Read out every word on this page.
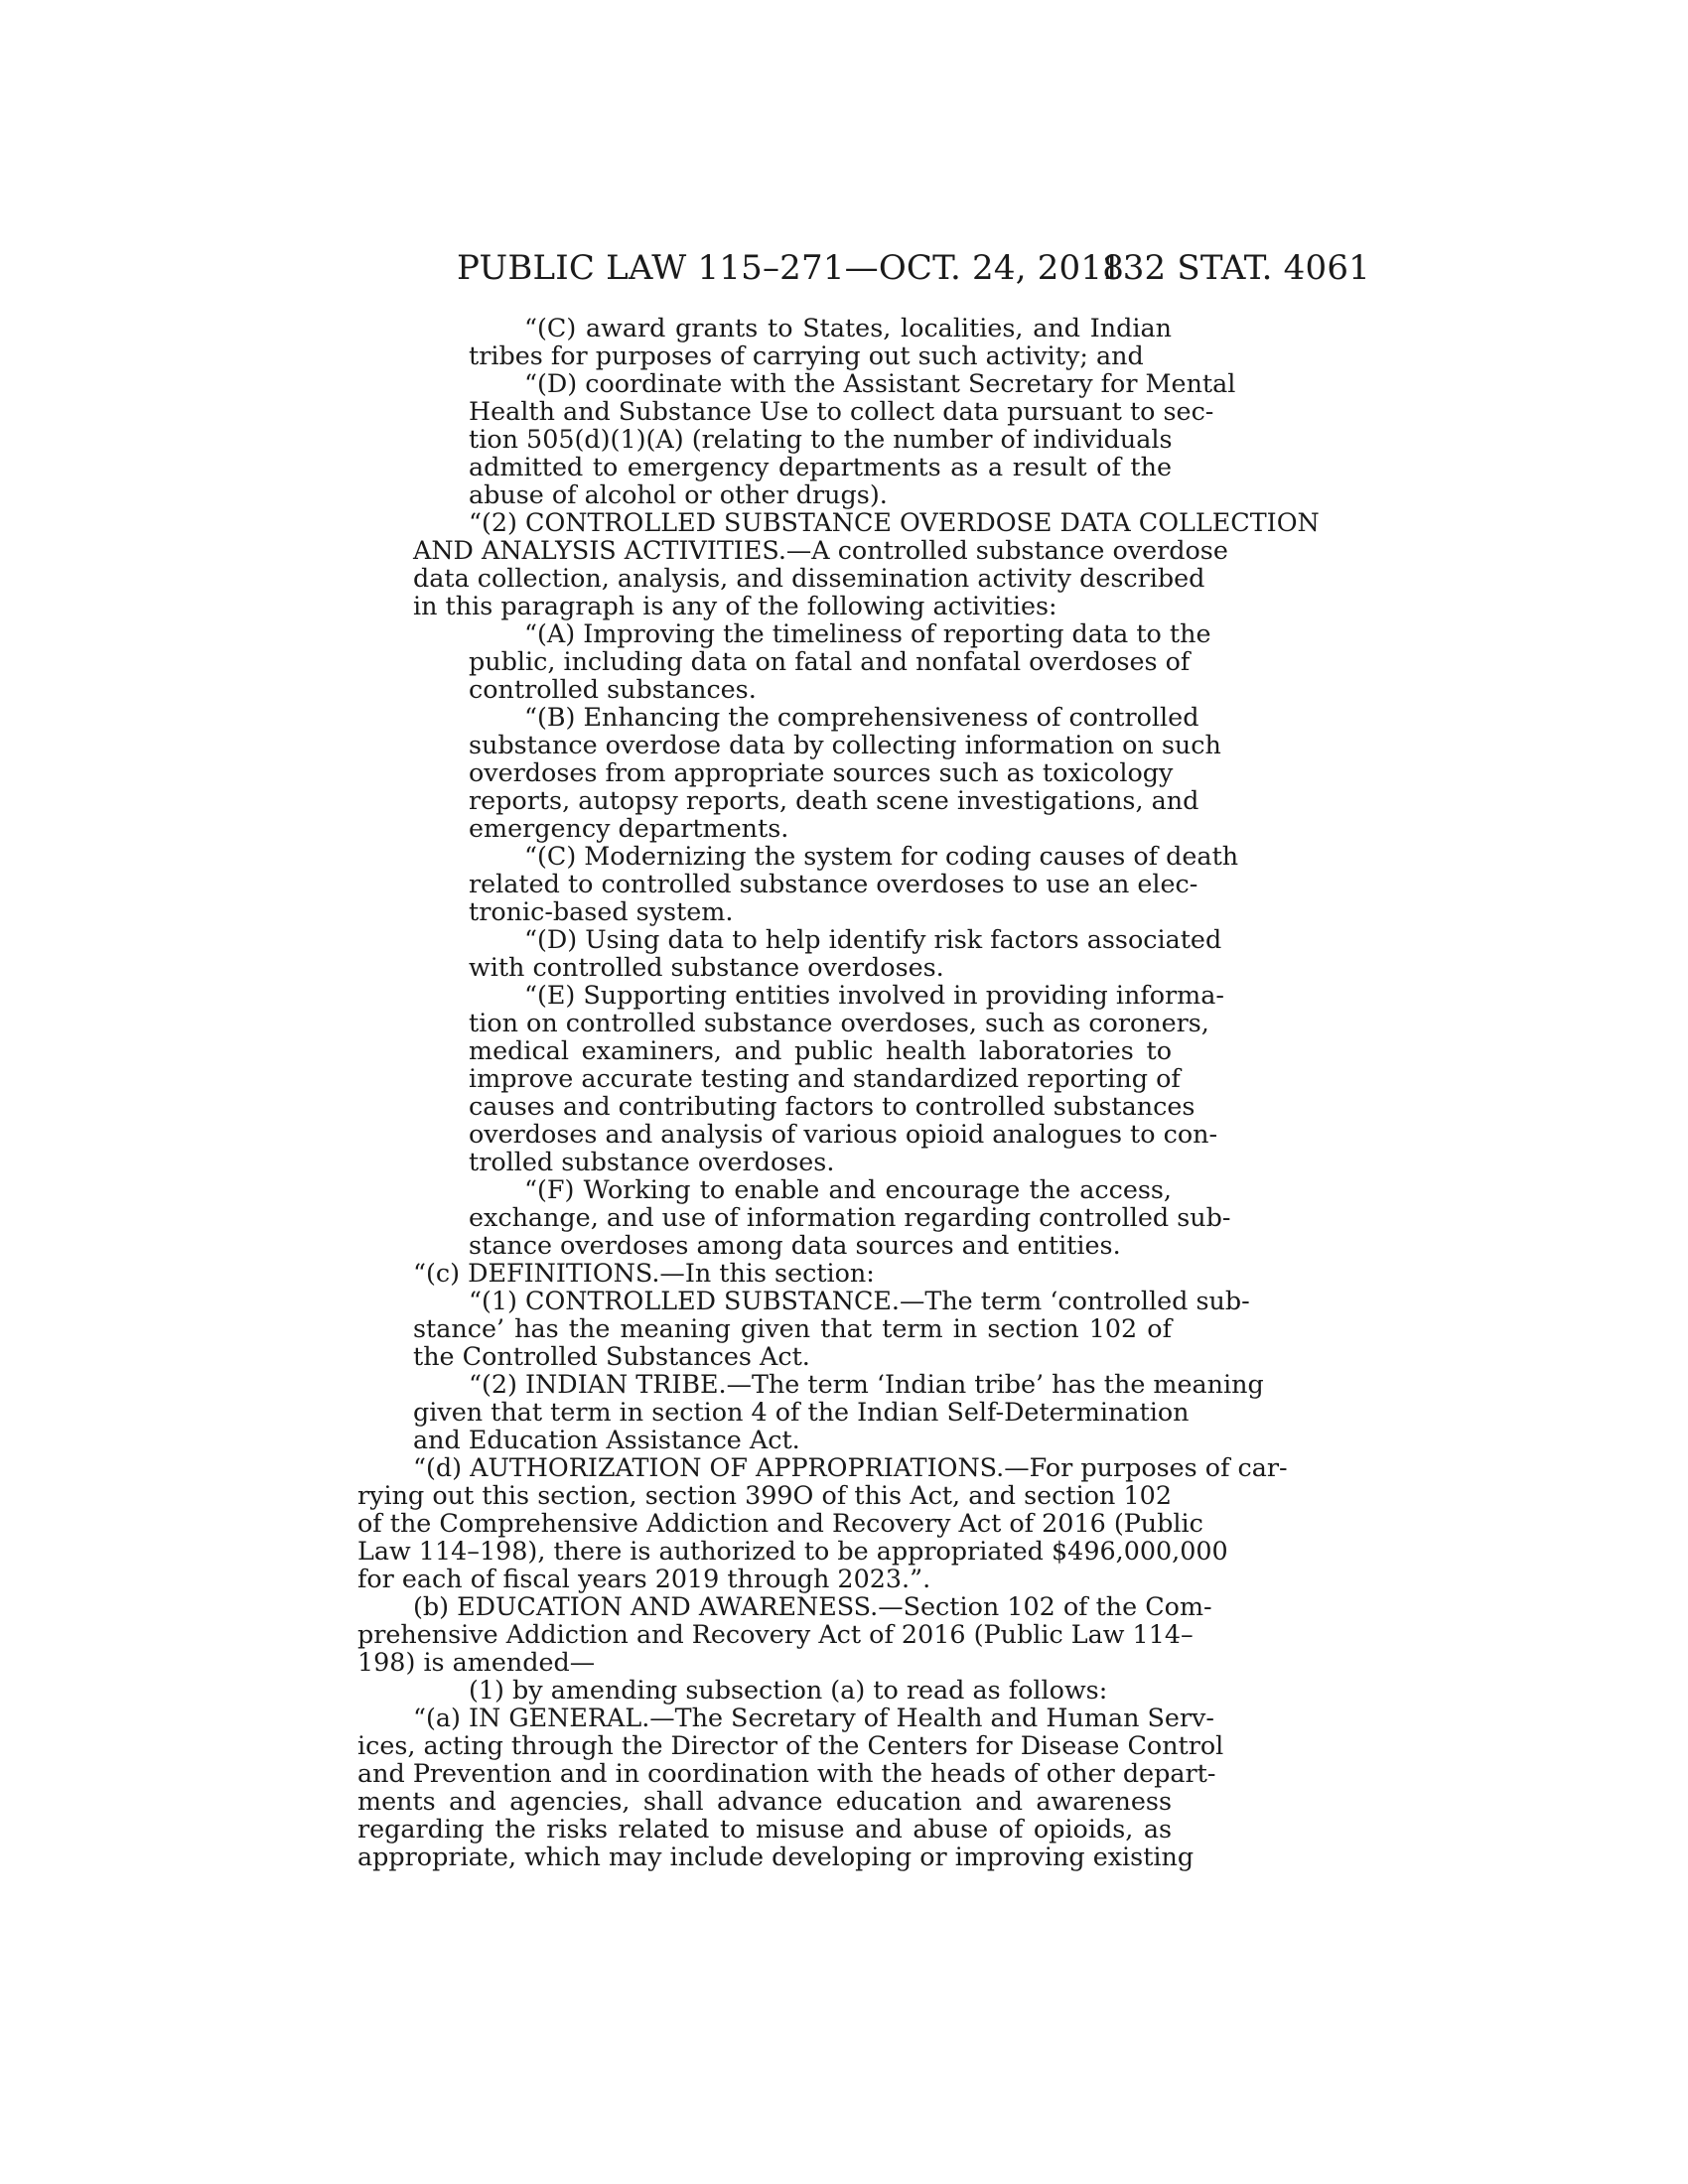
PUBLIC LAW 115–271—OCT. 24, 2018
132 STAT. 4061
“(C) award grants to States, localities, and Indian
tribes for purposes of carrying out such activity; and
“(D) coordinate with the Assistant Secretary for Mental
Health and Substance Use to collect data pursuant to sec-
tion 505(d)(1)(A) (relating to the number of individuals
admitted to emergency departments as a result of the
abuse of alcohol or other drugs).
“(2) CONTROLLED SUBSTANCE OVERDOSE DATA COLLECTION
AND ANALYSIS ACTIVITIES.—A controlled substance overdose
data collection, analysis, and dissemination activity described
in this paragraph is any of the following activities:
“(A) Improving the timeliness of reporting data to the
public, including data on fatal and nonfatal overdoses of
controlled substances.
“(B) Enhancing the comprehensiveness of controlled
substance overdose data by collecting information on such
overdoses from appropriate sources such as toxicology
reports, autopsy reports, death scene investigations, and
emergency departments.
“(C) Modernizing the system for coding causes of death
related to controlled substance overdoses to use an elec-
tronic-based system.
“(D) Using data to help identify risk factors associated
with controlled substance overdoses.
“(E) Supporting entities involved in providing informa-
tion on controlled substance overdoses, such as coroners,
medical examiners, and public health laboratories to
improve accurate testing and standardized reporting of
causes and contributing factors to controlled substances
overdoses and analysis of various opioid analogues to con-
trolled substance overdoses.
“(F) Working to enable and encourage the access,
exchange, and use of information regarding controlled sub-
stance overdoses among data sources and entities.
“(c) DEFINITIONS.—In this section:
“(1) CONTROLLED SUBSTANCE.—The term ‘controlled sub-
stance’ has the meaning given that term in section 102 of
the Controlled Substances Act.
“(2) INDIAN TRIBE.—The term ‘Indian tribe’ has the meaning
given that term in section 4 of the Indian Self-Determination
and Education Assistance Act.
“(d) AUTHORIZATION OF APPROPRIATIONS.—For purposes of car-
rying out this section, section 399O of this Act, and section 102
of the Comprehensive Addiction and Recovery Act of 2016 (Public
Law 114–198), there is authorized to be appropriated $496,000,000
for each of fiscal years 2019 through 2023.”.
(b) EDUCATION AND AWARENESS.—Section 102 of the Com-
prehensive Addiction and Recovery Act of 2016 (Public Law 114–
198) is amended—
(1) by amending subsection (a) to read as follows:
“(a) IN GENERAL.—The Secretary of Health and Human Serv-
ices, acting through the Director of the Centers for Disease Control
and Prevention and in coordination with the heads of other depart-
ments and agencies, shall advance education and awareness
regarding the risks related to misuse and abuse of opioids, as
appropriate, which may include developing or improving existing
